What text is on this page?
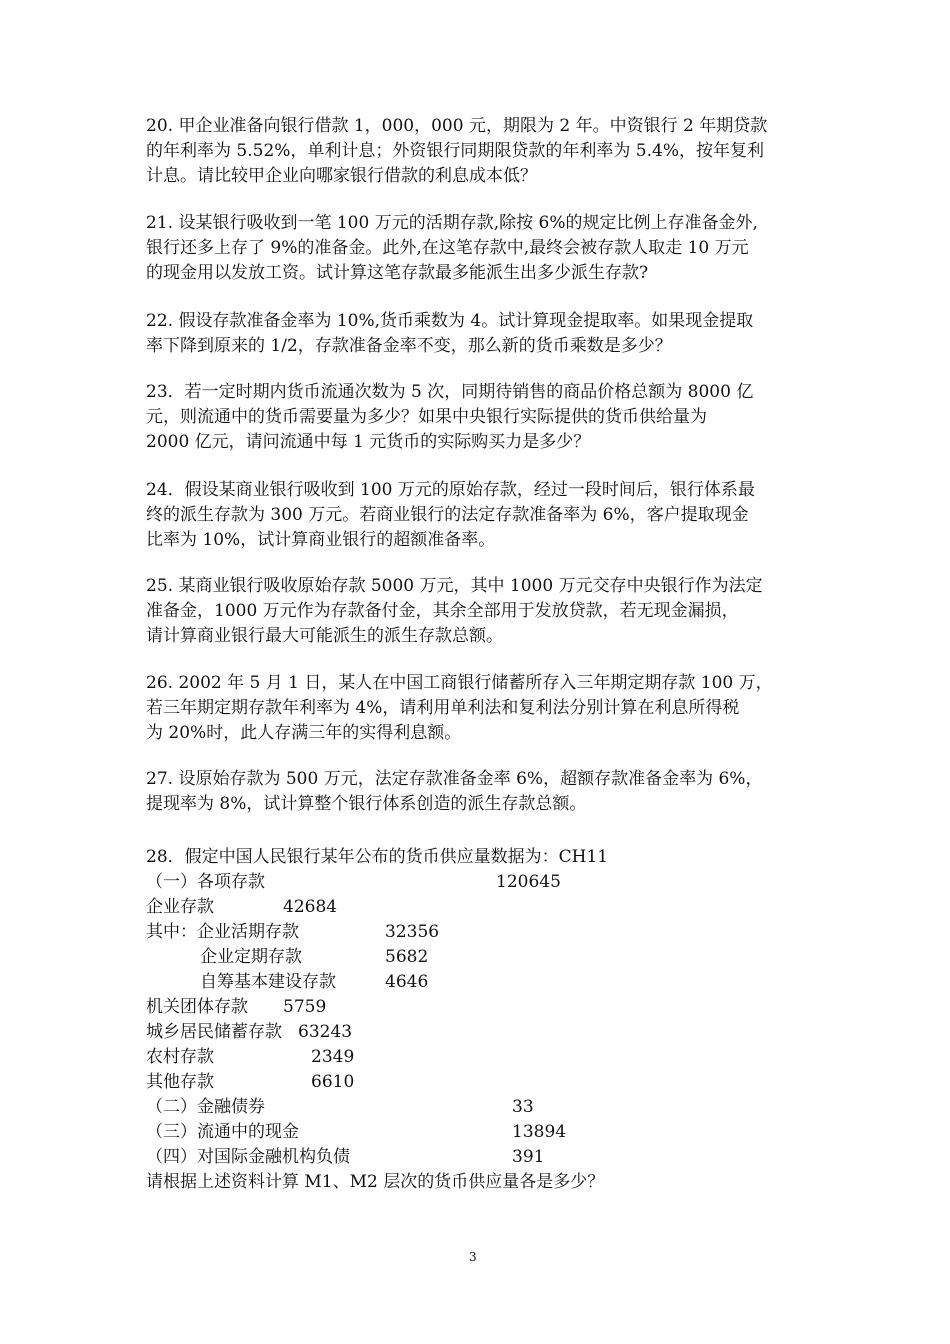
20. 甲企业准备向银行借款 1，000，000 元，期限为 2 年。中资银行 2 年期贷款

的年利率为 5.52%，单利计息；外资银行同期限贷款的年利率为 5.4%，按年复利

计息。请比较甲企业向哪家银行借款的利息成本低？

21. 设某银行吸收到一笔 100 万元的活期存款,除按 6%的规定比例上存准备金外,

银行还多上存了 9%的准备金。此外,在这笔存款中,最终会被存款人取走 10 万元

的现金用以发放工资。试计算这笔存款最多能派生出多少派生存款?

22. 假设存款准备金率为 10%,货币乘数为 4。试计算现金提取率。如果现金提取

率下降到原来的 1/2，存款准备金率不变，那么新的货币乘数是多少？

23．若一定时期内货币流通次数为 5 次，同期待销售的商品价格总额为 8000 亿

元，则流通中的货币需要量为多少？如果中央银行实际提供的货币供给量为

2000 亿元，请问流通中每 1 元货币的实际购买力是多少？

24．假设某商业银行吸收到 100 万元的原始存款，经过一段时间后，银行体系最

终的派生存款为 300 万元。若商业银行的法定存款准备率为 6%，客户提取现金

比率为 10%，试计算商业银行的超额准备率。

25. 某商业银行吸收原始存款 5000 万元，其中 1000 万元交存中央银行作为法定

准备金，1000 万元作为存款备付金，其余全部用于发放贷款，若无现金漏损，

请计算商业银行最大可能派生的派生存款总额。

26. 2002 年 5 月 1 日，某人在中国工商银行储蓄所存入三年期定期存款 100 万，

若三年期定期存款年利率为 4%，请利用单利法和复利法分别计算在利息所得税

为 20%时，此人存满三年的实得利息额。

27. 设原始存款为 500 万元，法定存款准备金率 6%，超额存款准备金率为 6%，

提现率为 8%，试计算整个银行体系创造的派生存款总额。

28．假定中国人民银行某年公布的货币供应量数据为：CH11
（一）各项存款	120645
企业存款	42684
其中：企业活期存款	32356
企业定期存款	5682
自筹基本建设存款	4646
机关团体存款 5759
城乡居民储蓄存款 63243
农村存款	2349
其他存款	6610
（二）金融债券	33
（三）流通中的现金	13894
（四）对国际金融机构负债	391
请根据上述资料计算 M1、M2 层次的货币供应量各是多少？
3
